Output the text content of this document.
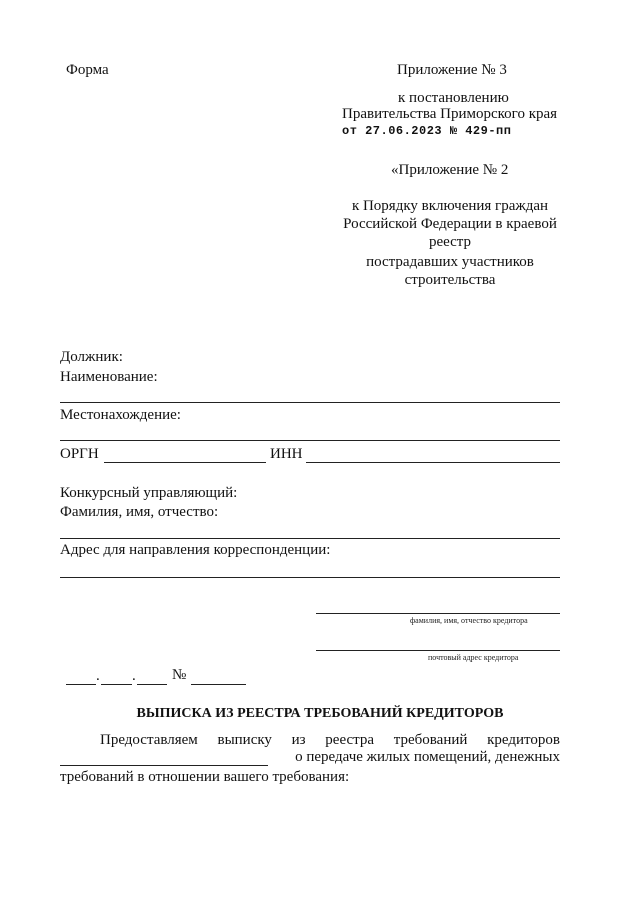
Форма	Приложение № 3
к постановлению
Правительства Приморского края
от 27.06.2023 № 429-пп
«Приложение № 2
к Порядку включения граждан
Российской Федерации в краевой
реестр
пострадавших участников
строительства
Должник:
Наименование:
Местонахождение:
ОРГН	ИНН
Конкурсный управляющий:
Фамилия, имя, отчество:
Адрес для направления корреспонденции:
фамилия, имя, отчество кредитора
почтовый адрес кредитора
. . №
ВЫПИСКА ИЗ РЕЕСТРА ТРЕБОВАНИЙ КРЕДИТОРОВ
Предоставляем выписку из реестра требований кредиторов
о передаче жилых помещений, денежных
требований в отношении вашего требования:
